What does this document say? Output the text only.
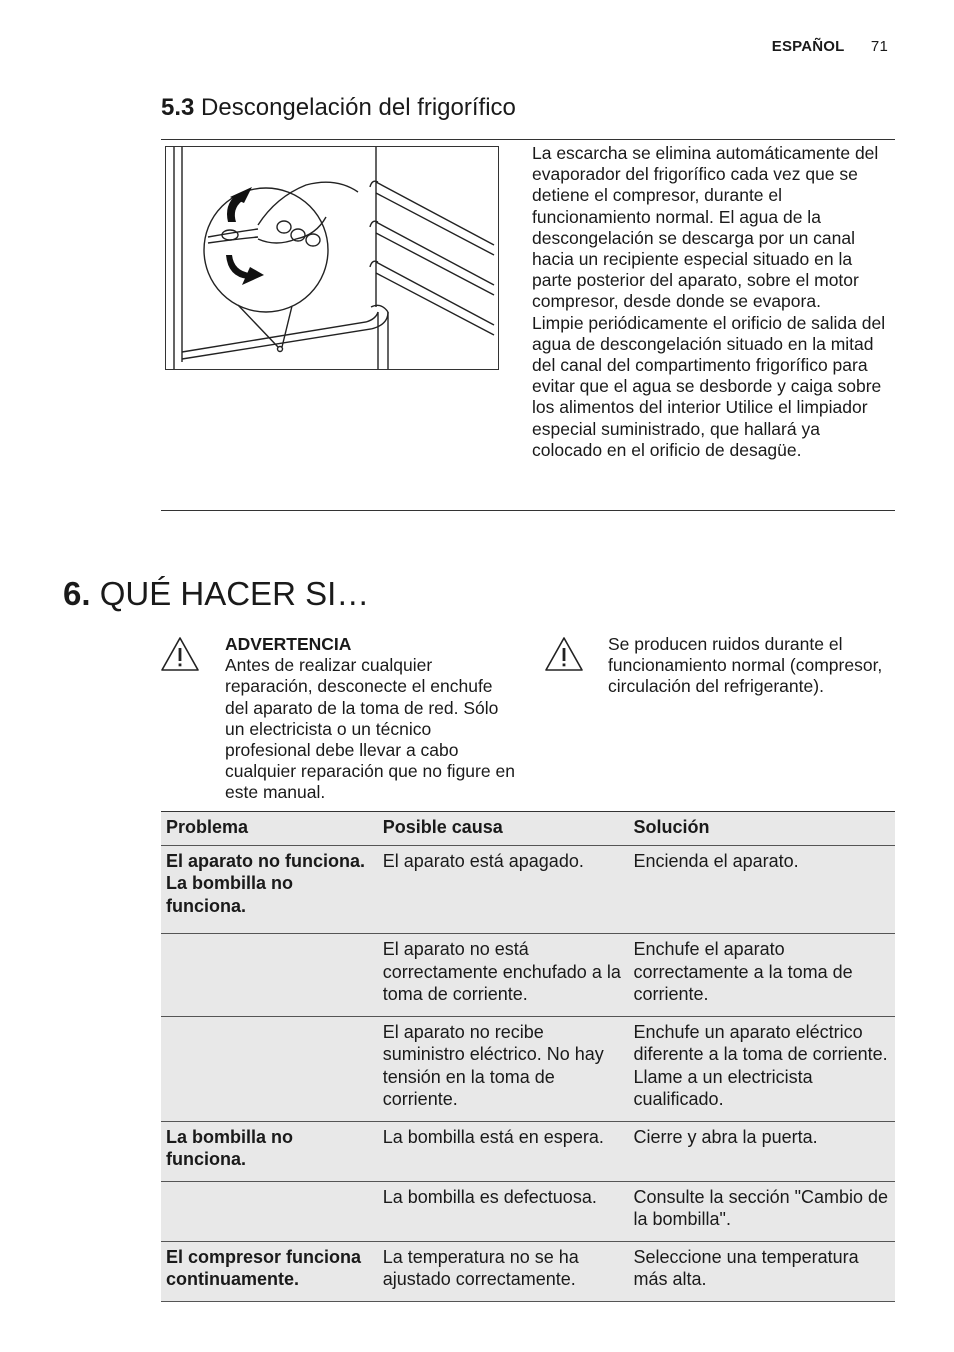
ESPAÑOL 71
5.3 Descongelación del frigorífico

La escarcha se elimina automáticamente del evaporador del frigorífico cada vez que se detiene el compresor, durante el funcionamiento normal. El agua de la descongelación se descarga por un canal hacia un recipiente especial situado en la parte posterior del aparato, sobre el motor compresor, desde donde se evapora.

Limpie periódicamente el orificio de salida del agua de descongelación situado en la mitad del canal del compartimento frigorífico para evitar que el agua se desborde y caiga sobre los alimentos del interior Utilice el limpiador especial suministrado, que hallará ya colocado en el orificio de desagüe.

6. QUÉ HACER SI…
ADVERTENCIA
Antes de realizar cualquier reparación, desconecte el enchufe del aparato de la toma de red. Sólo un electricista o un técnico profesional debe llevar a cabo cualquier reparación que no figure en este manual.
Se producen ruidos durante el funcionamiento normal (compresor, circulación del refrigerante).
Problema	Posible causa	Solución
El aparato no funciona. La bombilla no funciona.	El aparato está apagado.	Encienda el aparato.
	El aparato no está correctamente enchufado a la toma de corriente.	Enchufe el aparato correctamente a la toma de corriente.
	El aparato no recibe suministro eléctrico. No hay tensión en la toma de corriente.	Enchufe un aparato eléctrico diferente a la toma de corriente. Llame a un electricista cualificado.
La bombilla no funciona.	La bombilla está en espera.	Cierre y abra la puerta.
	La bombilla es defectuosa.	Consulte la sección "Cambio de la bombilla".
El compresor funciona continuamente.	La temperatura no se ha ajustado correctamente.	Seleccione una temperatura más alta.
